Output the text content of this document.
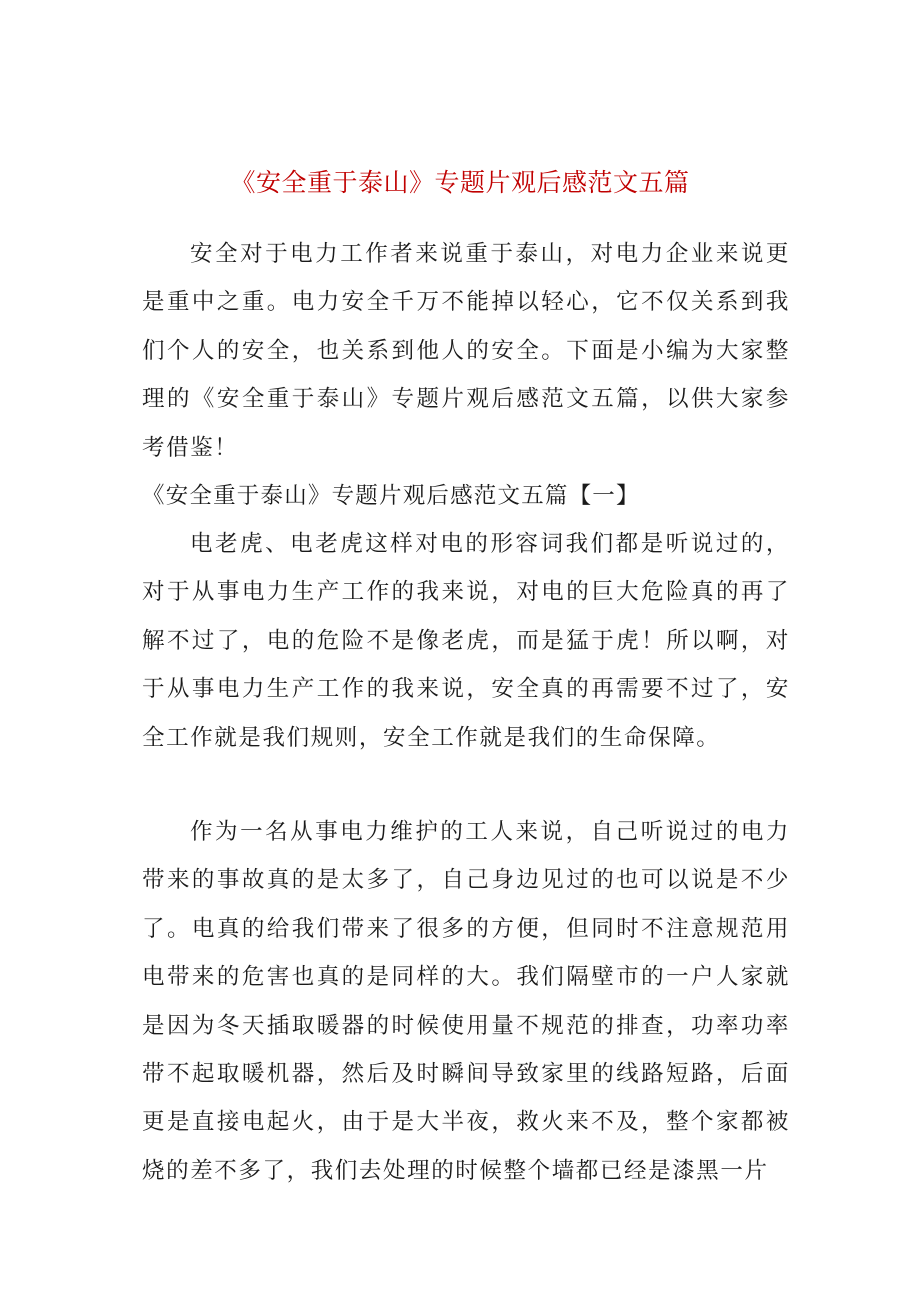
《安全重于泰山》专题片观后感范文五篇

安全对于电力工作者来说重于泰山，对电力企业来说更是重中之重。电力安全千万不能掉以轻心，它不仅关系到我们个人的安全，也关系到他人的安全。下面是小编为大家整理的《安全重于泰山》专题片观后感范文五篇，以供大家参考借鉴！

《安全重于泰山》专题片观后感范文五篇【一】

电老虎、电老虎这样对电的形容词我们都是听说过的，对于从事电力生产工作的我来说，对电的巨大危险真的再了解不过了，电的危险不是像老虎，而是猛于虎！所以啊，对于从事电力生产工作的我来说，安全真的再需要不过了，安全工作就是我们规则，安全工作就是我们的生命保障。

作为一名从事电力维护的工人来说，自己听说过的电力带来的事故真的是太多了，自己身边见过的也可以说是不少了。电真的给我们带来了很多的方便，但同时不注意规范用电带来的危害也真的是同样的大。我们隔壁市的一户人家就是因为冬天插取暖器的时候使用量不规范的排查，功率功率带不起取暖机器，然后及时瞬间导致家里的线路短路，后面更是直接电起火，由于是大半夜，救火来不及，整个家都被烧的差不多了，我们去处理的时候整个墙都已经是漆黑一片
